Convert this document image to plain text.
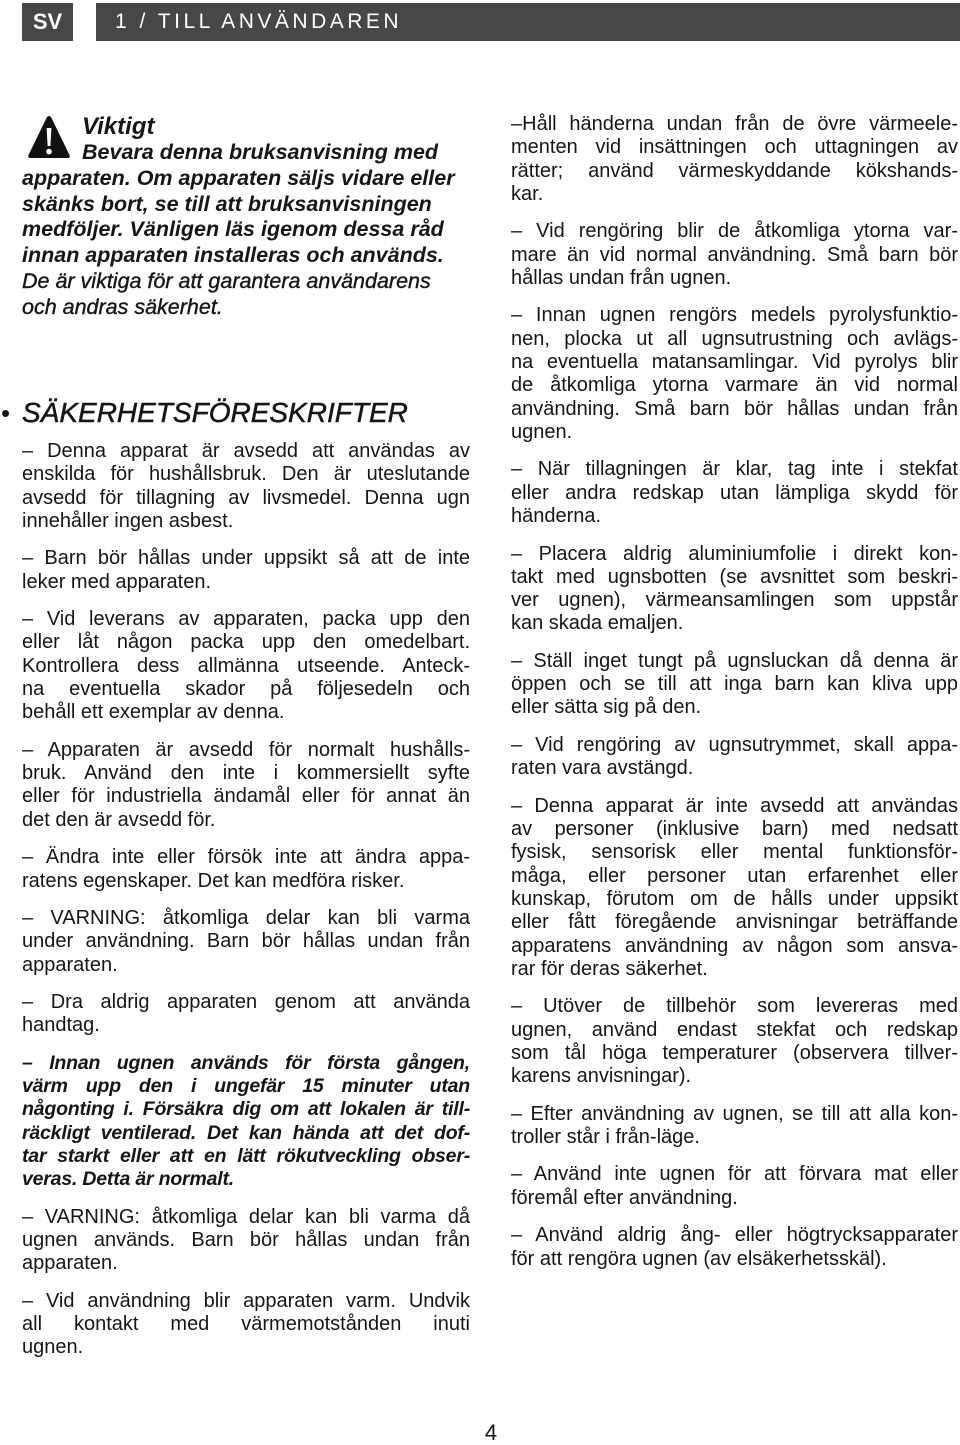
SV	1 / TILL ANVÄNDAREN
Viktigt
Bevara denna bruksanvisning med
apparaten. Om apparaten säljs vidare eller
skänks bort, se till att bruksanvisningen
medföljer. Vänligen läs igenom dessa råd
innan apparaten installeras och används.
De är viktiga för att garantera användarens
och andras säkerhet.
• SÄKERHETSFÖRESKRIFTER
– Denna apparat är avsedd att användas av
enskilda för hushållsbruk. Den är uteslutande
avsedd för tillagning av livsmedel. Denna ugn
innehåller ingen asbest.
– Barn bör hållas under uppsikt så att de inte
leker med apparaten.
– Vid leverans av apparaten, packa upp den
eller låt någon packa upp den omedelbart.
Kontrollera dess allmänna utseende. Anteck-
na eventuella skador på följesedeln och
behåll ett exemplar av denna.
– Apparaten är avsedd för normalt hushålls-
bruk. Använd den inte i kommersiellt syfte
eller för industriella ändamål eller för annat än
det den är avsedd för.
– Ändra inte eller försök inte att ändra appa-
ratens egenskaper. Det kan medföra risker.
– VARNING: åtkomliga delar kan bli varma
under användning. Barn bör hållas undan från
apparaten.
– Dra aldrig apparaten genom att använda
handtag.
– Innan ugnen används för första gången,
värm upp den i ungefär 15 minuter utan
någonting i. Försäkra dig om att lokalen är till-
räckligt ventilerad. Det kan hända att det dof-
tar starkt eller att en lätt rökutveckling obser-
veras. Detta är normalt.
– VARNING: åtkomliga delar kan bli varma då
ugnen används. Barn bör hållas undan från
apparaten.
– Vid användning blir apparaten varm. Undvik
all kontakt med värmemotstånden inuti
ugnen.
–Håll händerna undan från de övre värmeele-
menten vid insättningen och uttagningen av
rätter; använd värmeskyddande kökshands-
kar.
– Vid rengöring blir de åtkomliga ytorna var-
mare än vid normal användning. Små barn bör
hållas undan från ugnen.
– Innan ugnen rengörs medels pyrolysfunktio-
nen, plocka ut all ugnsutrustning och avlägs-
na eventuella matansamlingar. Vid pyrolys blir
de åtkomliga ytorna varmare än vid normal
användning. Små barn bör hållas undan från
ugnen.
– När tillagningen är klar, tag inte i stekfat
eller andra redskap utan lämpliga skydd för
händerna.
– Placera aldrig aluminiumfolie i direkt kon-
takt med ugnsbotten (se avsnittet som beskri-
ver ugnen), värmeansamlingen som uppstår
kan skada emaljen.
– Ställ inget tungt på ugnsluckan då denna är
öppen och se till att inga barn kan kliva upp
eller sätta sig på den.
– Vid rengöring av ugnsutrymmet, skall appa-
raten vara avstängd.
– Denna apparat är inte avsedd att användas
av personer (inklusive barn) med nedsatt
fysisk, sensorisk eller mental funktionsför-
måga, eller personer utan erfarenhet eller
kunskap, förutom om de hålls under uppsikt
eller fått föregående anvisningar beträffande
apparatens användning av någon som ansva-
rar för deras säkerhet.
– Utöver de tillbehör som levereras med
ugnen, använd endast stekfat och redskap
som tål höga temperaturer (observera tillver-
karens anvisningar).
– Efter användning av ugnen, se till att alla kon-
troller står i från-läge.
– Använd inte ugnen för att förvara mat eller
föremål efter användning.
– Använd aldrig ång- eller högtrycksapparater
för att rengöra ugnen (av elsäkerhetsskäl).
4
